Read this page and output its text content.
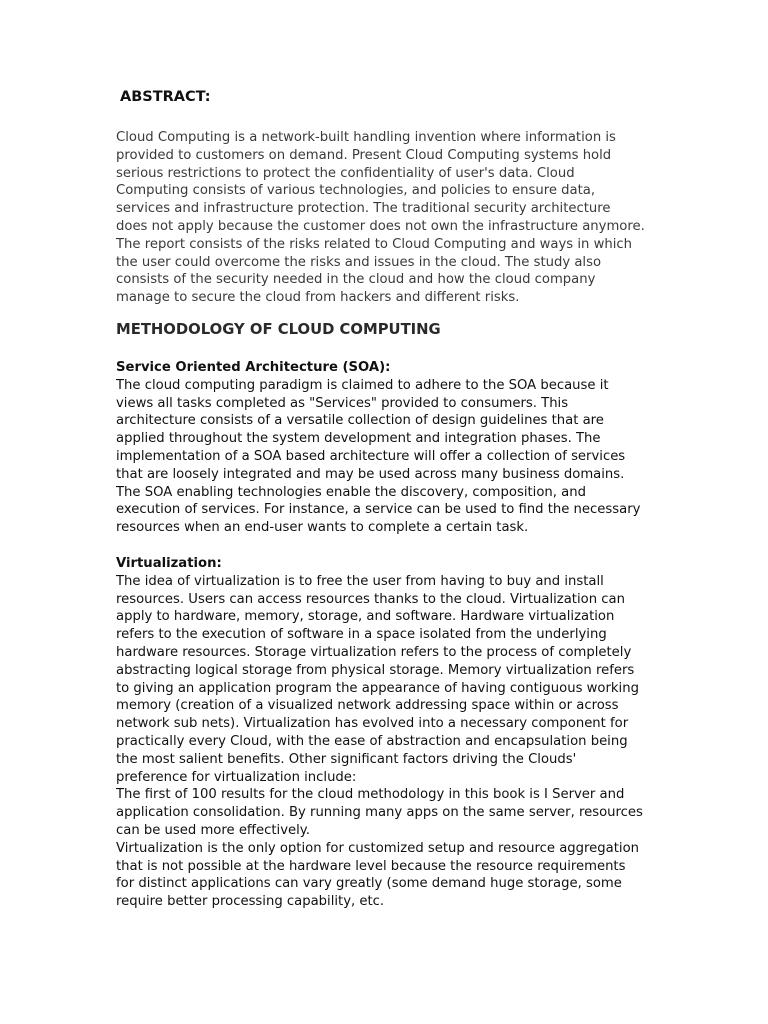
ABSTRACT:

Cloud Computing is a network-built handling invention where information is provided to customers on demand. Present Cloud Computing systems hold serious restrictions to protect the confidentiality of user's data. Cloud Computing consists of various technologies, and policies to ensure data, services and infrastructure protection. The traditional security architecture does not apply because the customer does not own the infrastructure anymore. The report consists of the risks related to Cloud Computing and ways in which the user could overcome the risks and issues in the cloud. The study also consists of the security needed in the cloud and how the cloud company manage to secure the cloud from hackers and different risks.

METHODOLOGY OF CLOUD COMPUTING
Service Oriented Architecture (SOA):
The cloud computing paradigm is claimed to adhere to the SOA because it views all tasks completed as "Services" provided to consumers. This architecture consists of a versatile collection of design guidelines that are applied throughout the system development and integration phases. The implementation of a SOA based architecture will offer a collection of services that are loosely integrated and may be used across many business domains. The SOA enabling technologies enable the discovery, composition, and execution of services. For instance, a service can be used to find the necessary resources when an end-user wants to complete a certain task.
Virtualization:
The idea of virtualization is to free the user from having to buy and install resources. Users can access resources thanks to the cloud. Virtualization can apply to hardware, memory, storage, and software. Hardware virtualization refers to the execution of software in a space isolated from the underlying hardware resources. Storage virtualization refers to the process of completely abstracting logical storage from physical storage. Memory virtualization refers to giving an application program the appearance of having contiguous working memory (creation of a visualized network addressing space within or across network sub nets). Virtualization has evolved into a necessary component for practically every Cloud, with the ease of abstraction and encapsulation being the most salient benefits. Other significant factors driving the Clouds' preference for virtualization include:
The first of 100 results for the cloud methodology in this book is I Server and application consolidation. By running many apps on the same server, resources can be used more effectively.
Virtualization is the only option for customized setup and resource aggregation that is not possible at the hardware level because the resource requirements for distinct applications can vary greatly (some demand huge storage, some require better processing capability, etc.
